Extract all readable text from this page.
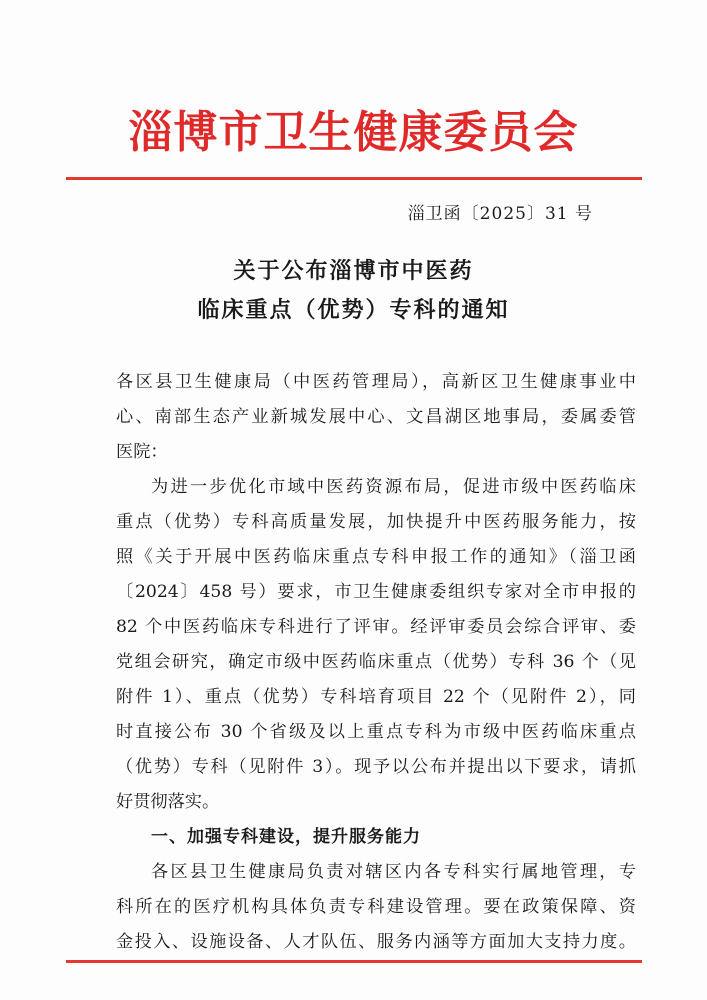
淄博市卫生健康委员会
淄卫函〔2025〕31 号
关于公布淄博市中医药
临床重点（优势）专科的通知
各区县卫生健康局（中医药管理局），高新区卫生健康事业中
心、南部生态产业新城发展中心、文昌湖区地事局，委属委管
医院：
为进一步优化市域中医药资源布局，促进市级中医药临床
重点（优势）专科高质量发展，加快提升中医药服务能力，按
照《关于开展中医药临床重点专科申报工作的通知》（淄卫函
〔2024〕458 号）要求，市卫生健康委组织专家对全市申报的
82 个中医药临床专科进行了评审。经评审委员会综合评审、委
党组会研究，确定市级中医药临床重点（优势）专科 36 个（见
附件 1）、重点（优势）专科培育项目 22 个（见附件 2），同
时直接公布 30 个省级及以上重点专科为市级中医药临床重点
（优势）专科（见附件 3）。现予以公布并提出以下要求，请抓
好贯彻落实。
一、加强专科建设，提升服务能力
各区县卫生健康局负责对辖区内各专科实行属地管理，专
科所在的医疗机构具体负责专科建设管理。要在政策保障、资
金投入、设施设备、人才队伍、服务内涵等方面加大支持力度。
